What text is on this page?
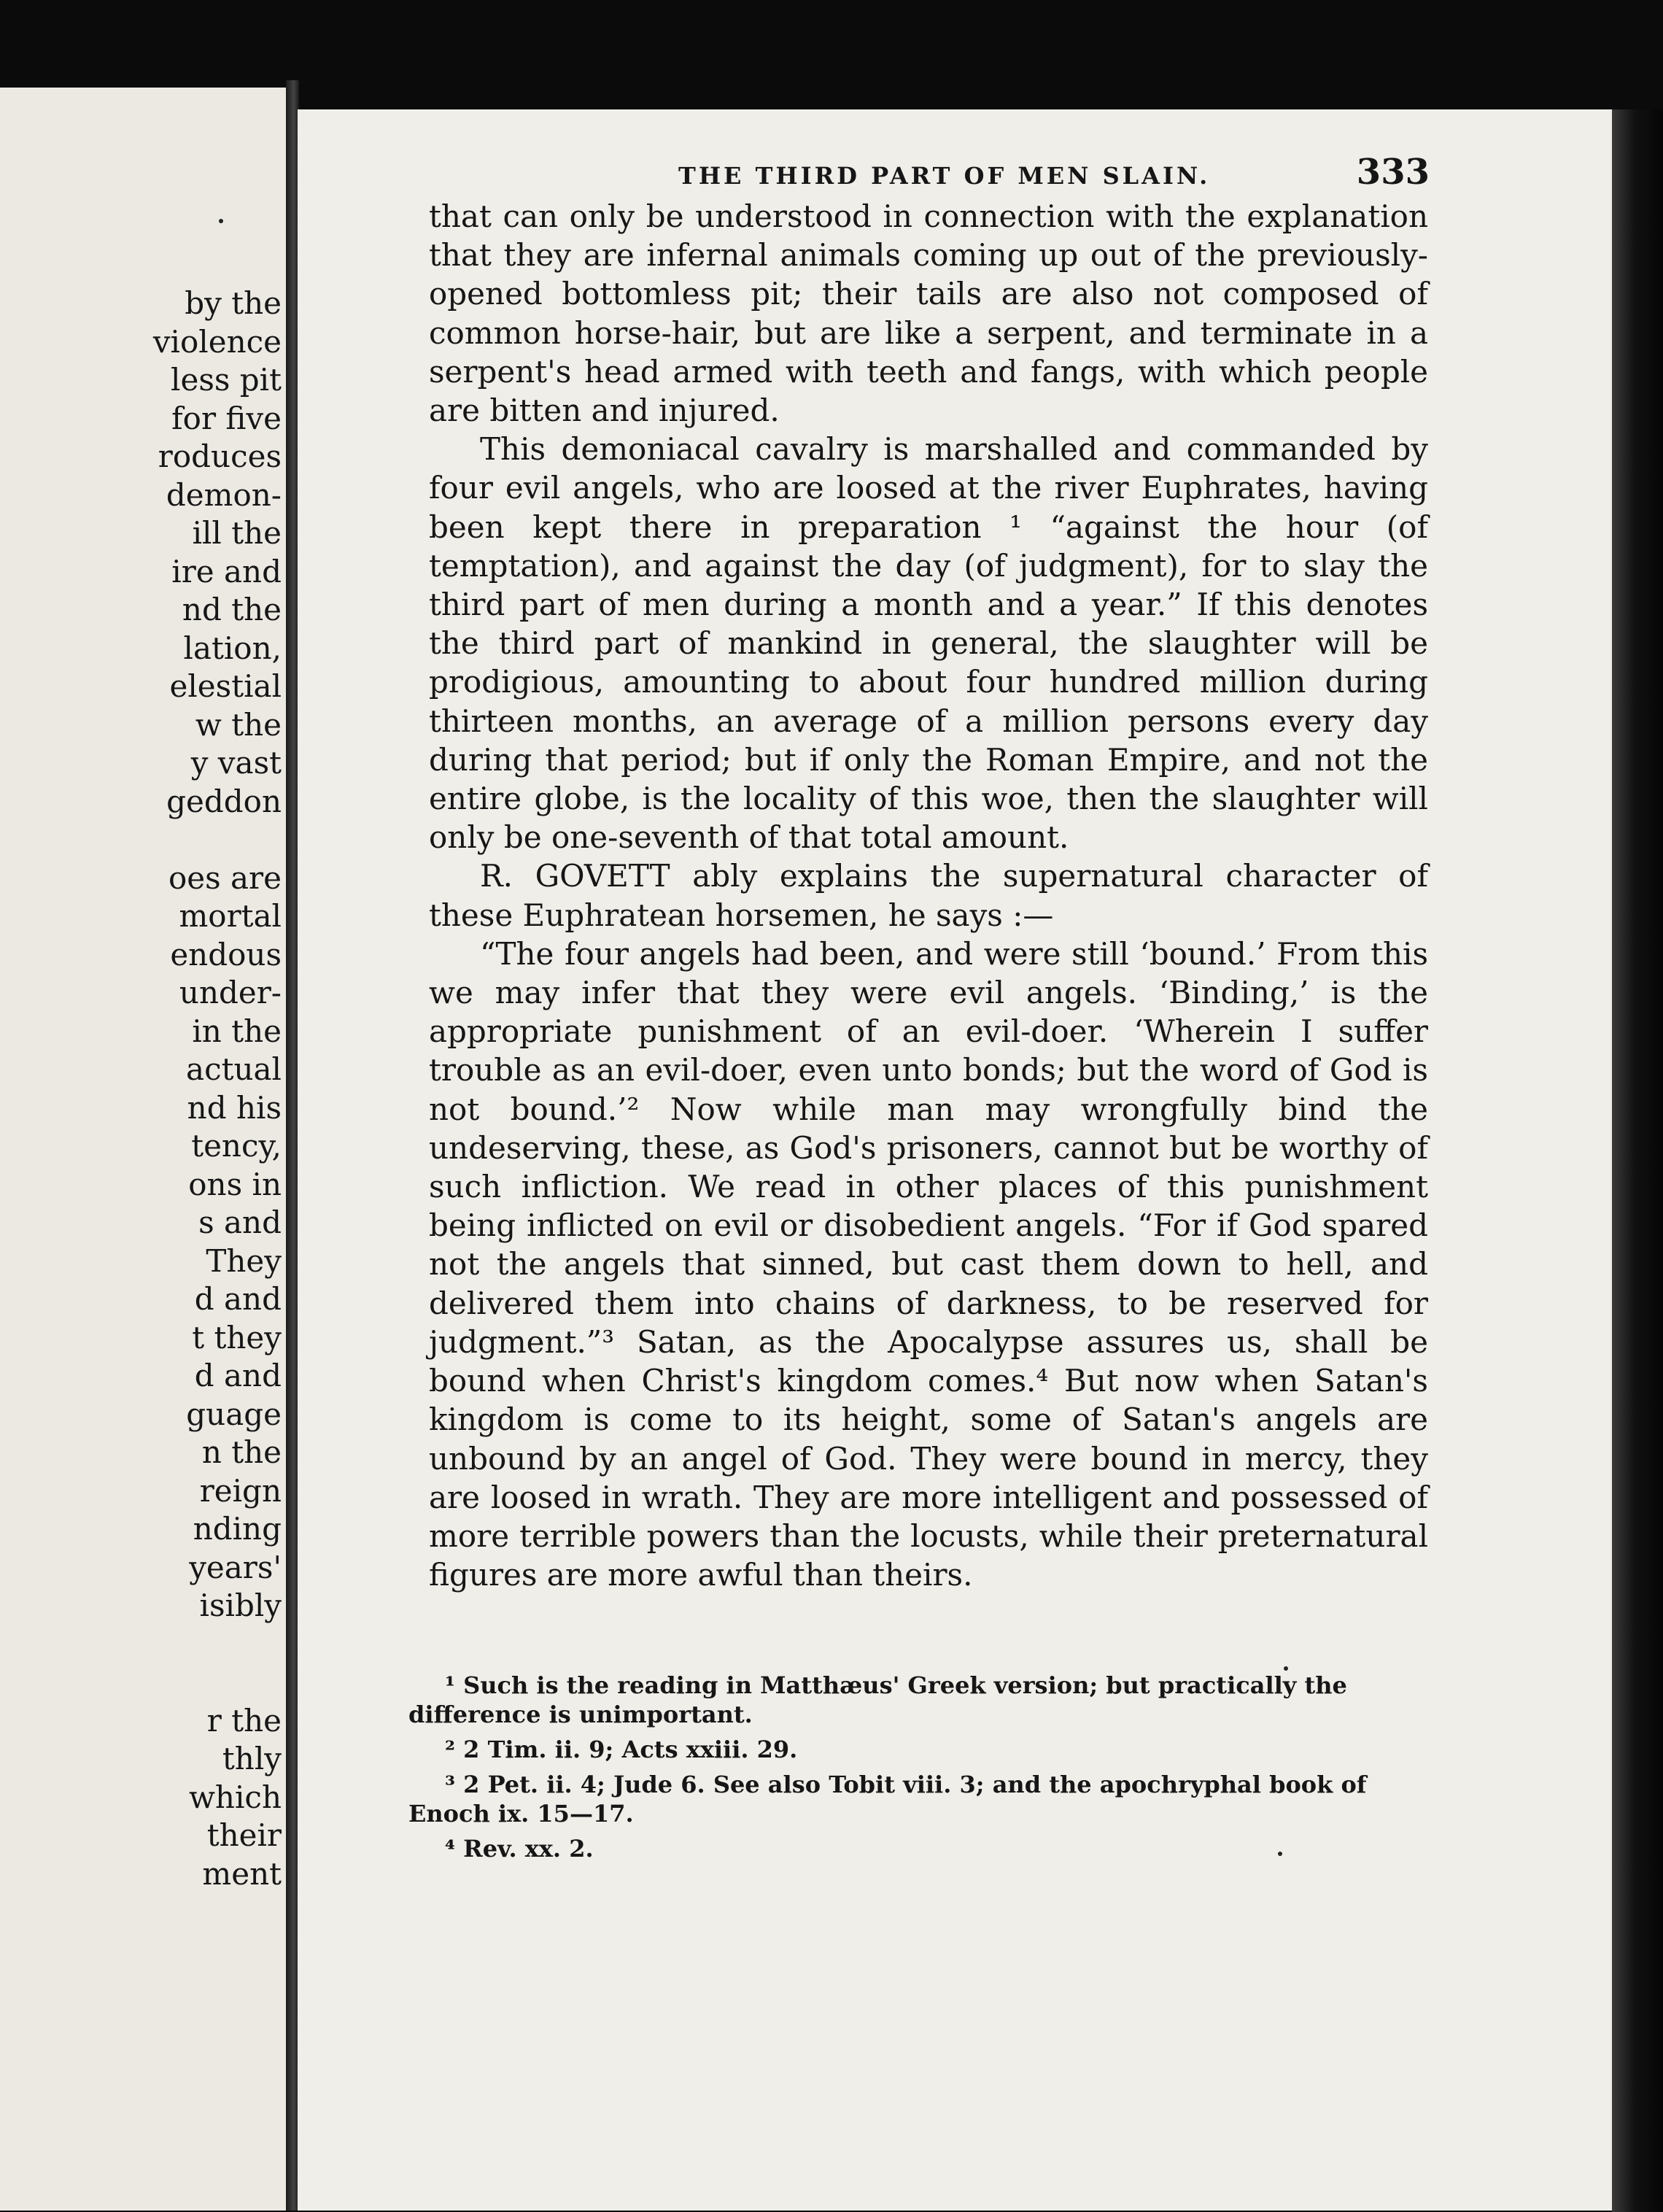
by the
violence
less pit
for five
roduces
demon-
ill the
ire and
nd the
lation,
elestial
w the
y vast
geddon

oes are
mortal
endous
under-
in the
actual
nd his
tency,
ons in
s and
They
d and
t they
d and
guage
n the
reign
nding
years'
isibly

r the
thly
which
their
ment
THE THIRD PART OF MEN SLAIN.	333

that can only be understood in connection with the explanation that they are infernal animals coming up out of the previously-opened bottomless pit; their tails are also not composed of common horse-hair, but are like a serpent, and terminate in a serpent's head armed with teeth and fangs, with which people are bitten and injured.

This demoniacal cavalry is marshalled and commanded by four evil angels, who are loosed at the river Euphrates, having been kept there in preparation ¹ “against the hour (of temptation), and against the day (of judgment), for to slay the third part of men during a month and a year.” If this denotes the third part of mankind in general, the slaughter will be prodigious, amounting to about four hundred million during thirteen months, an average of a million persons every day during that period; but if only the Roman Empire, and not the entire globe, is the locality of this woe, then the slaughter will only be one-seventh of that total amount.

R. GOVETT ably explains the supernatural character of these Euphratean horsemen, he says :—

“The four angels had been, and were still ‘bound.’ From this we may infer that they were evil angels. ‘Binding,’ is the appropriate punishment of an evil-doer. ‘Wherein I suffer trouble as an evil-doer, even unto bonds; but the word of God is not bound.’² Now while man may wrongfully bind the undeserving, these, as God's prisoners, cannot but be worthy of such infliction. We read in other places of this punishment being inflicted on evil or disobedient angels. “For if God spared not the angels that sinned, but cast them down to hell, and delivered them into chains of darkness, to be reserved for judgment.”³ Satan, as the Apocalypse assures us, shall be bound when Christ's kingdom comes.⁴ But now when Satan's kingdom is come to its height, some of Satan's angels are unbound by an angel of God. They were bound in mercy, they are loosed in wrath. They are more intelligent and possessed of more terrible powers than the locusts, while their preternatural figures are more awful than theirs.

¹ Such is the reading in Matthæus' Greek version; but practically the difference is unimportant.

² 2 Tim. ii. 9; Acts xxiii. 29.

³ 2 Pet. ii. 4; Jude 6. See also Tobit viii. 3; and the apochryphal book of Enoch ix. 15—17.

⁴ Rev. xx. 2.
